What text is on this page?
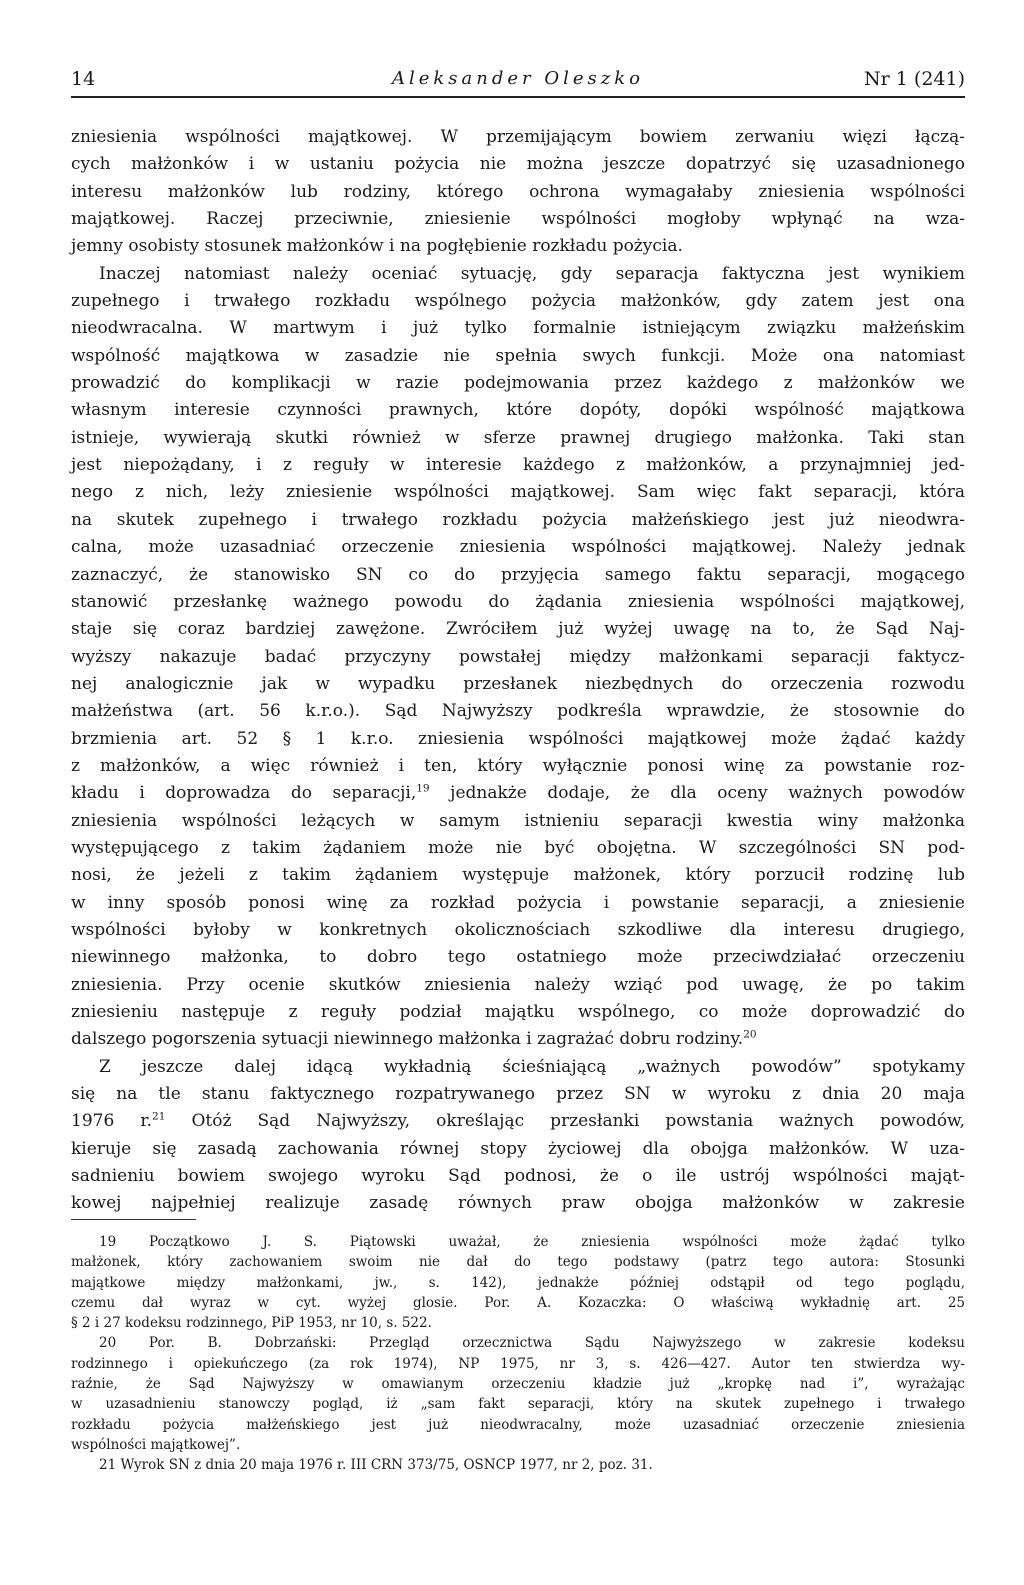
14	Aleksander Oleszko	Nr 1 (241)
zniesienia wspólności majątkowej. W przemijającym bowiem zerwaniu więzi łączą-
cych małżonków i w ustaniu pożycia nie można jeszcze dopatrzyć się uzasadnionego
interesu małżonków lub rodziny, którego ochrona wymagałaby zniesienia wspólności
majątkowej. Raczej przeciwnie, zniesienie wspólności mogłoby wpłynąć na wza-
jemny osobisty stosunek małżonków i na pogłębienie rozkładu pożycia.
Inaczej natomiast należy oceniać sytuację, gdy separacja faktyczna jest wynikiem
zupełnego i trwałego rozkładu wspólnego pożycia małżonków, gdy zatem jest ona
nieodwracalna. W martwym i już tylko formalnie istniejącym związku małżeńskim
wspólność majątkowa w zasadzie nie spełnia swych funkcji. Może ona natomiast
prowadzić do komplikacji w razie podejmowania przez każdego z małżonków we
własnym interesie czynności prawnych, które dopóty, dopóki wspólność majątkowa
istnieje, wywierają skutki również w sferze prawnej drugiego małżonka. Taki stan
jest niepożądany, i z reguły w interesie każdego z małżonków, a przynajmniej jed-
nego z nich, leży zniesienie wspólności majątkowej. Sam więc fakt separacji, która
na skutek zupełnego i trwałego rozkładu pożycia małżeńskiego jest już nieodwra-
calna, może uzasadniać orzeczenie zniesienia wspólności majątkowej. Należy jednak
zaznaczyć, że stanowisko SN co do przyjęcia samego faktu separacji, mogącego
stanowić przesłankę ważnego powodu do żądania zniesienia wspólności majątkowej,
staje się coraz bardziej zawężone. Zwróciłem już wyżej uwagę na to, że Sąd Naj-
wyższy nakazuje badać przyczyny powstałej między małżonkami separacji faktycz-
nej analogicznie jak w wypadku przesłanek niezbędnych do orzeczenia rozwodu
małżeństwa (art. 56 k.r.o.). Sąd Najwyższy podkreśla wprawdzie, że stosownie do
brzmienia art. 52 § 1 k.r.o. zniesienia wspólności majątkowej może żądać każdy
z małżonków, a więc również i ten, który wyłącznie ponosi winę za powstanie roz-
kładu i doprowadza do separacji,$^{19}$ jednakże dodaje, że dla oceny ważnych powodów
zniesienia wspólności leżących w samym istnieniu separacji kwestia winy małżonka
występującego z takim żądaniem może nie być obojętna. W szczególności SN pod-
nosi, że jeżeli z takim żądaniem występuje małżonek, który porzucił rodzinę lub
w inny sposób ponosi winę za rozkład pożycia i powstanie separacji, a zniesienie
wspólności byłoby w konkretnych okolicznościach szkodliwe dla interesu drugiego,
niewinnego małżonka, to dobro tego ostatniego może przeciwdziałać orzeczeniu
zniesienia. Przy ocenie skutków zniesienia należy wziąć pod uwagę, że po takim
zniesieniu następuje z reguły podział majątku wspólnego, co może doprowadzić do
dalszego pogorszenia sytuacji niewinnego małżonka i zagrażać dobru rodziny.$^{20}$
Z jeszcze dalej idącą wykładnią ścieśniającą „ważnych powodów” spotykamy
się na tle stanu faktycznego rozpatrywanego przez SN w wyroku z dnia 20 maja
1976 r.$^{21}$ Otóż Sąd Najwyższy, określając przesłanki powstania ważnych powodów,
kieruje się zasadą zachowania równej stopy życiowej dla obojga małżonków. W uza-
sadnieniu bowiem swojego wyroku Sąd podnosi, że o ile ustrój wspólności mająt-
kowej najpełniej realizuje zasadę równych praw obojga małżonków w zakresie
19 Początkowo J. S. Piątowski uważał, że zniesienia wspólności może żądać tylko
małżonek, który zachowaniem swoim nie dał do tego podstawy (patrz tego autora: Stosunki
majątkowe między małżonkami, jw., s. 142), jednakże później odstąpił od tego poglądu,
czemu dał wyraz w cyt. wyżej glosie. Por. A. Kozaczka: O właściwą wykładnię art. 25
§ 2 i 27 kodeksu rodzinnego, PiP 1953, nr 10, s. 522.
20 Por. B. Dobrzański: Przegląd orzecznictwa Sądu Najwyższego w zakresie kodeksu
rodzinnego i opiekuńczego (za rok 1974), NP 1975, nr 3, s. 426—427. Autor ten stwierdza wy-
raźnie, że Sąd Najwyższy w omawianym orzeczeniu kładzie już „kropkę nad i”, wyrażając
w uzasadnieniu stanowczy pogląd, iż „sam fakt separacji, który na skutek zupełnego i trwałego
rozkładu pożycia małżeńskiego jest już nieodwracalny, może uzasadniać orzeczenie zniesienia
wspólności majątkowej”.
21 Wyrok SN z dnia 20 maja 1976 r. III CRN 373/75, OSNCP 1977, nr 2, poz. 31.
